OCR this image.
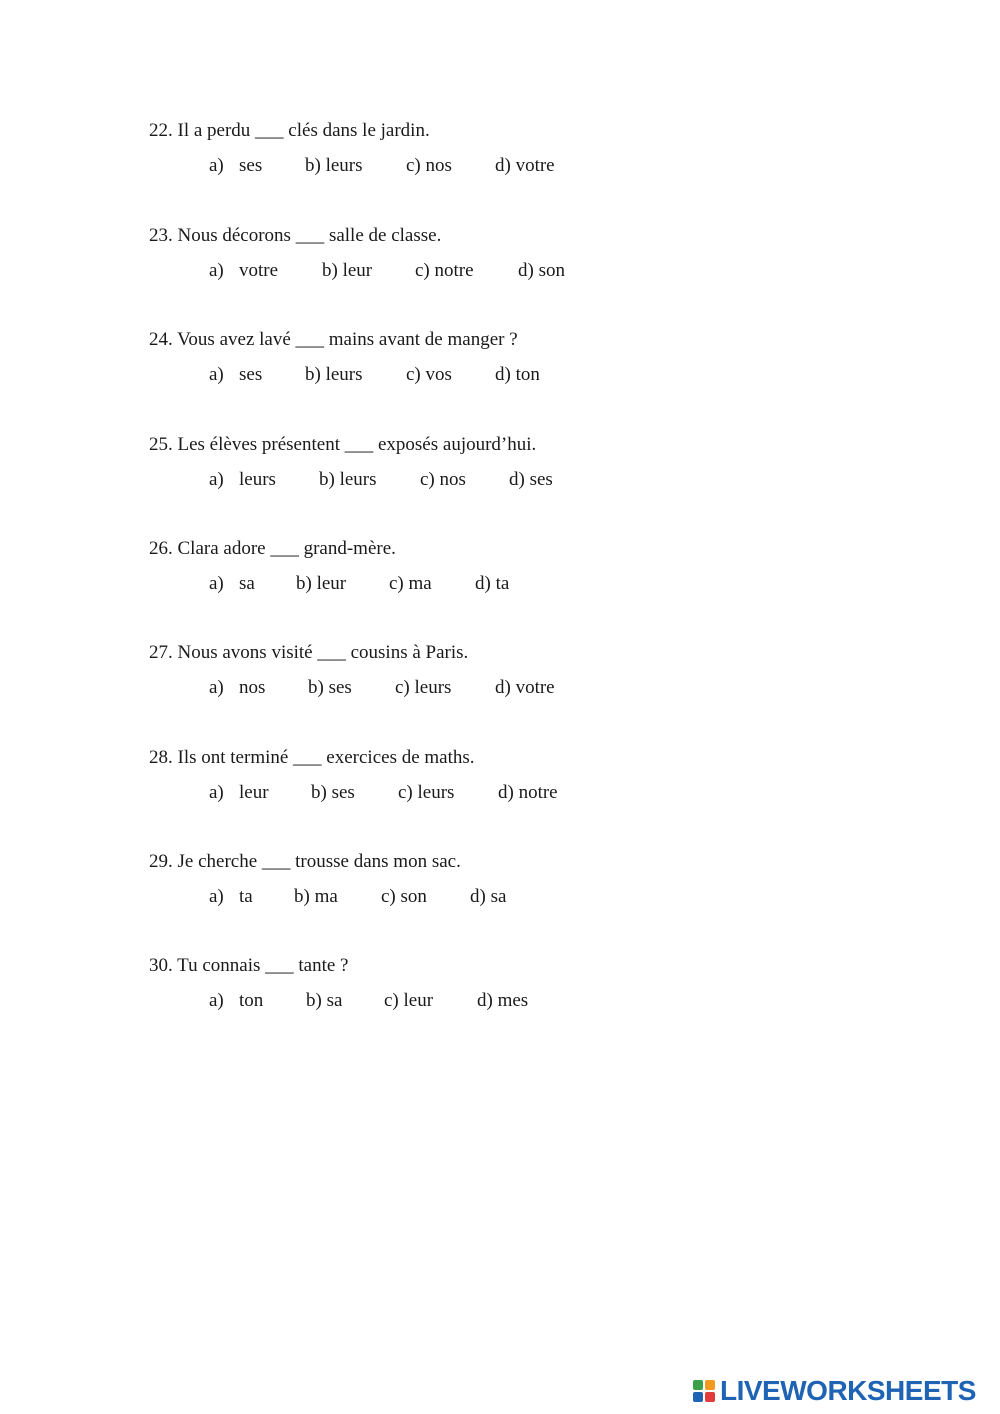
22. Il a perdu ___ clés dans le jardin.
a) ses b) leurs c) nos d) votre
23. Nous décorons ___ salle de classe.
a) votre b) leur c) notre d) son
24. Vous avez lavé ___ mains avant de manger ?
a) ses b) leurs c) vos d) ton
25. Les élèves présentent ___ exposés aujourd’hui.
a) leurs b) leurs c) nos d) ses
26. Clara adore ___ grand-mère.
a) sa b) leur c) ma d) ta
27. Nous avons visité ___ cousins à Paris.
a) nos b) ses c) leurs d) votre
28. Ils ont terminé ___ exercices de maths.
a) leur b) ses c) leurs d) notre
29. Je cherche ___ trousse dans mon sac.
a) ta b) ma c) son d) sa
30. Tu connais ___ tante ?
a) ton b) sa c) leur d) mes
LIVEWORKSHEETS
